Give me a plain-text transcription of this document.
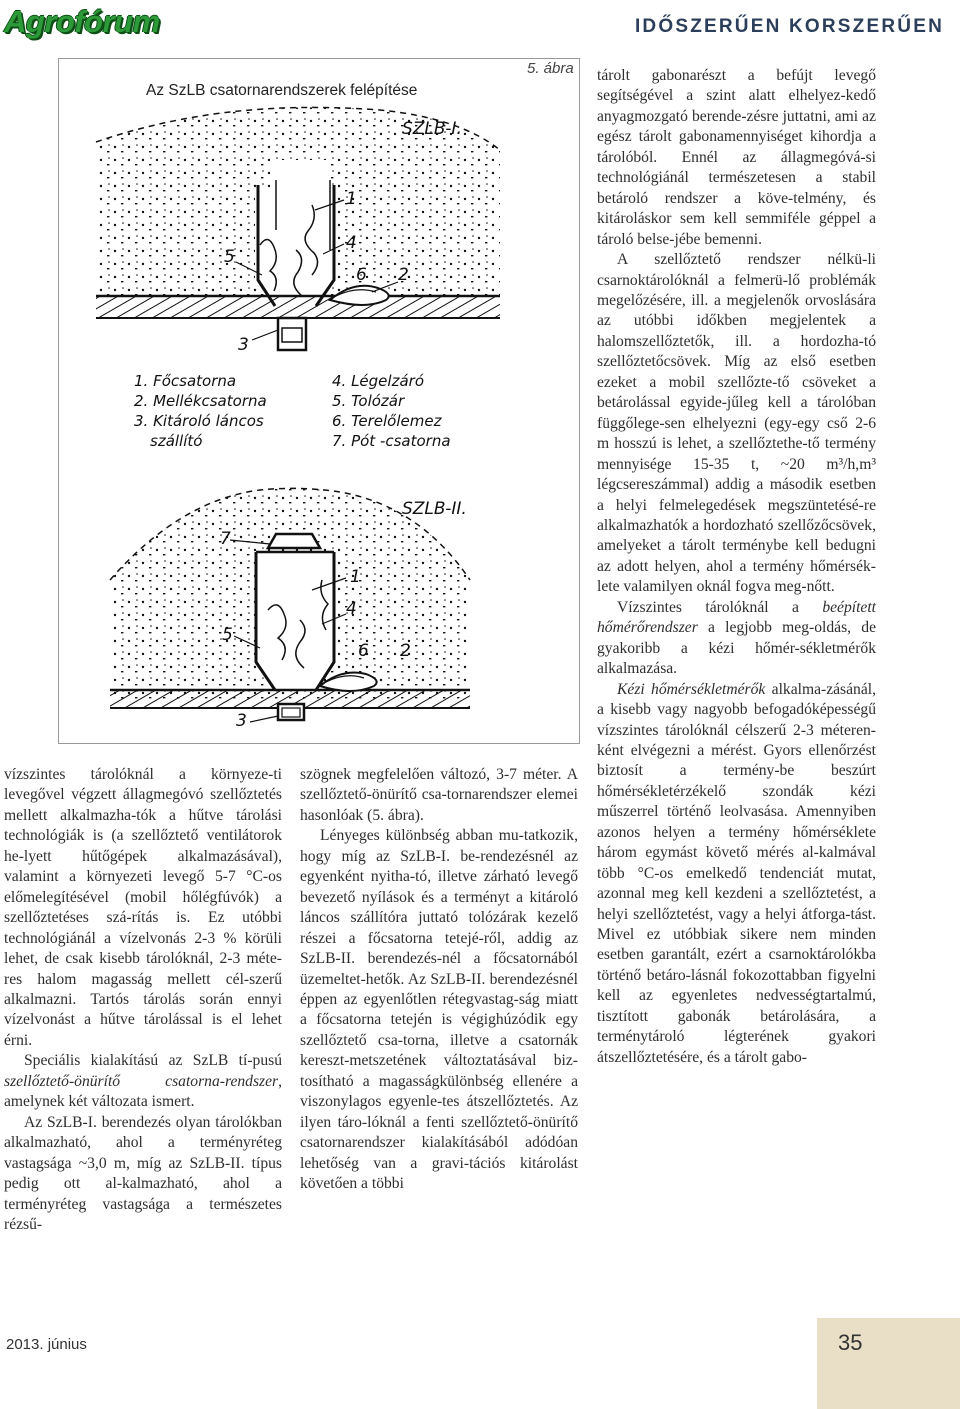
Agrofórum	IDŐSZERŰEN KORSZERŰEN
5. ábra
Az SzLB csatornarendszerek felépítése
1
2
3
4
5
6
SZLB-I.
1. Főcsatorna
2. Mellékcsatorna
3. Kitároló láncos
szállító
4. Légelzáró
5. Tolózár
6. Terelőlemez
7. Pót -csatorna
1
2
3
4
5
6
7
SZLB-II.

vízszintes tárolóknál a környeze-ti levegővel végzett állagmegóvó szellőztetés mellett alkalmazha-tók a hűtve tárolási technológiák is (a szellőztető ventilátorok he-lyett hűtőgépek alkalmazásával), valamint a környezeti levegő 5-7 °C-os előmelegítésével (mobil hőlégfúvók) a szellőztetéses szá-rítás is. Ez utóbbi technológiánál a vízelvonás 2-3 % körüli lehet, de csak kisebb tárolóknál, 2-3 méte-res halom magasság mellett cél-szerű alkalmazni. Tartós tárolás során ennyi vízelvonást a hűtve tárolással is el lehet érni.

Speciális kialakítású az SzLB tí-pusú szellőztető-önürítő csatorna-rendszer, amelynek két változata ismert.

Az SzLB-I. berendezés olyan tárolókban alkalmazható, ahol a terményréteg vastagsága ~3,0 m, míg az SzLB-II. típus pedig ott al-kalmazható, ahol a terményréteg vastagsága a természetes rézsű-

szögnek megfelelően változó, 3-7 méter. A szellőztető-önürítő csa-tornarendszer elemei hasonlóak (5. ábra).

Lényeges különbség abban mu-tatkozik, hogy míg az SzLB-I. be-rendezésnél az egyenként nyitha-tó, illetve zárható levegő bevezető nyílások és a terményt a kitároló láncos szállítóra juttató tolózárak kezelő részei a főcsatorna tetejé-ről, addig az SzLB-II. berendezés-nél a főcsatornából üzemeltet-hetők. Az SzLB-II. berendezésnél éppen az egyenlőtlen rétegvastag-ság miatt a főcsatorna tetején is végighúzódik egy szellőztető csa-torna, illetve a csatornák kereszt-metszetének változtatásával biz-tosítható a magasságkülönbség ellenére a viszonylagos egyenle-tes átszellőztetés. Az ilyen táro-lóknál a fenti szellőztető-önürítő csatornarendszer kialakításából adódóan lehetőség van a gravi-tációs kitárolást követően a többi

tárolt gabonarészt a befújt levegő segítségével a szint alatt elhelyez-kedő anyagmozgató berende-zésre juttatni, ami az egész tárolt gabonamennyiséget kihordja a tárolóból. Ennél az állagmegóvá-si technológiánál természetesen a stabil betároló rendszer a köve-telmény, és kitároláskor sem kell semmiféle géppel a tároló belse-jébe bemenni.

A szellőztető rendszer nélkü-li csarnoktárolóknál a felmerü-lő problémák megelőzésére, ill. a megjelenők orvoslására az utóbbi időkben megjelentek a halomszellőztetők, ill. a hordozha-tó szellőztetőcsövek. Míg az első esetben ezeket a mobil szellőzte-tő csöveket a betárolással egyide-jűleg kell a tárolóban függőlege-sen elhelyezni (egy-egy cső 2-6 m hosszú is lehet, a szellőztethe-tő termény mennyisége 15-35 t, ~20 m³/h,m³ légcsereszámmal) addig a második esetben a helyi felmelegedések megszüntetésé-re alkalmazhatók a hordozható szellőzőcsövek, amelyeket a tárolt terménybe kell bedugni az adott helyen, ahol a termény hőmérsék-lete valamilyen oknál fogva meg-nőtt.

Vízszintes tárolóknál a beépített hőmérőrendszer a legjobb meg-oldás, de gyakoribb a kézi hőmér-sékletmérők alkalmazása.

Kézi hőmérsékletmérők alkalma-zásánál, a kisebb vagy nagyobb befogadóképességű vízszintes tárolóknál célszerű 2-3 méteren-ként elvégezni a mérést. Gyors ellenőrzést biztosít a termény-be beszúrt hőmérsékletérzékelő szondák kézi műszerrel történő leolvasása. Amennyiben azonos helyen a termény hőmérséklete három egymást követő mérés al-kalmával több °C-os emelkedő tendenciát mutat, azonnal meg kell kezdeni a szellőztetést, a helyi szellőztetést, vagy a helyi átforga-tást. Mivel ez utóbbiak sikere nem minden esetben garantált, ezért a csarnoktárolókba történő betáro-lásnál fokozottabban figyelni kell az egyenletes nedvességtartalmú, tisztított gabonák betárolására, a terménytároló légterének gyakori átszellőztetésére, és a tárolt gabo-

2013. június	35
